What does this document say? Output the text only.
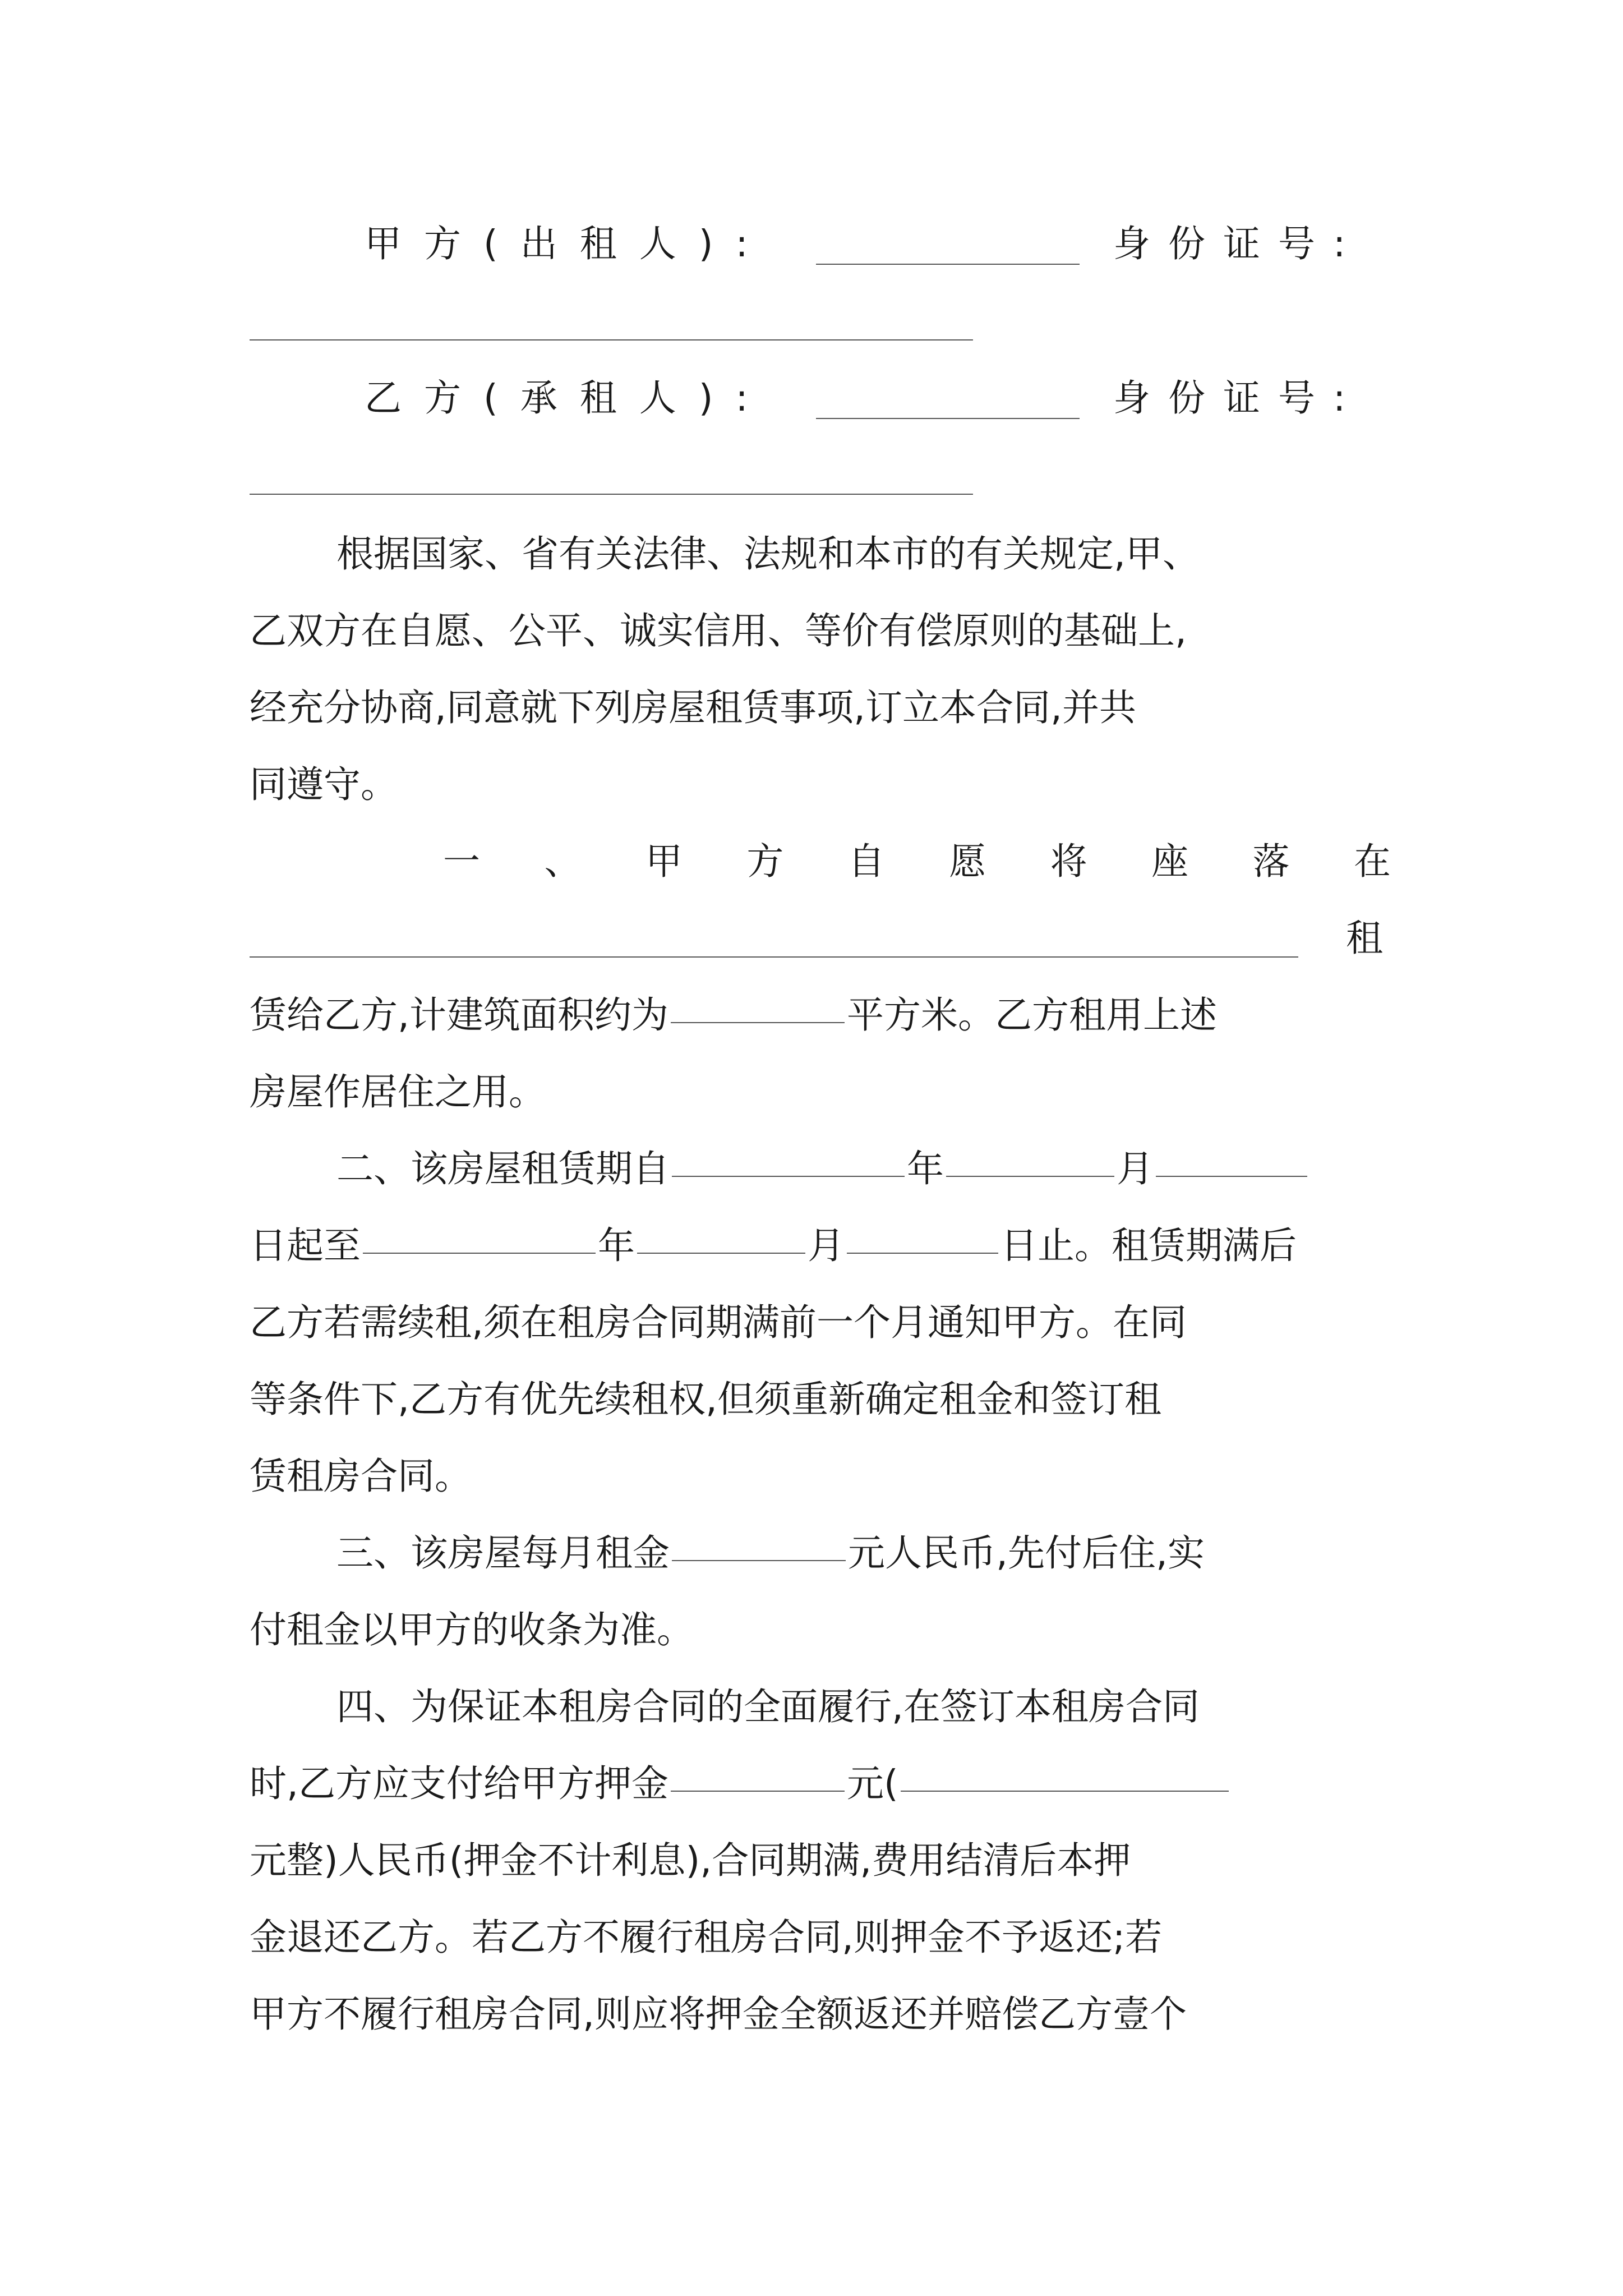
甲方(出租人):	身份证号:
乙方(承租人):	身份证号:
根据国家、省有关法律、法规和本市的有关规定,甲、
乙双方在自愿、公平、诚实信用、等价有偿原则的基础上,
经充分协商,同意就下列房屋租赁事项,订立本合同,并共
同遵守。
一 、 甲 方 自 愿 将 座 落 在
租
赁给乙方,计建筑面积约为	平方米。乙方租用上述
房屋作居住之用。
二、该房屋租赁期自	年	月
日起至	年	月	日止。租赁期满后
乙方若需续租,须在租房合同期满前一个月通知甲方。在同
等条件下,乙方有优先续租权,但须重新确定租金和签订租
赁租房合同。
三、该房屋每月租金	元人民币,先付后住,实
付租金以甲方的收条为准。
四、为保证本租房合同的全面履行,在签订本租房合同
时,乙方应支付给甲方押金	元(
元整)人民币(押金不计利息),合同期满,费用结清后本押
金退还乙方。若乙方不履行租房合同,则押金不予返还;若
甲方不履行租房合同,则应将押金全额返还并赔偿乙方壹个
